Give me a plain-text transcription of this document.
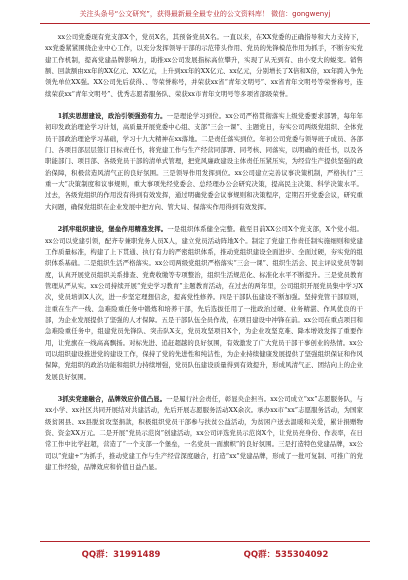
关注头条号“公文研究”，获得最新最全最专业的公文资料库！ 微信：gongwenyj

xx公司党委现有党支部X个，党员X名，其预备党员X名。一直以来，在XX党委的正确指导和大力支持下，xx党委紧紧围绕企业中心工作，以充分发挥领导干部的示范带头作用、党员的先锋模范作用为抓手，不断夯实党建工作机制，提高党建品牌影响力，助推xx公司发展指标高位攀升，实现了从无到有、由小变大的蜕变。销售额、回款额由xx年的XX亿元、XX亿元，上升到xx年的XX亿元、xx亿元，分别增长了X倍和X倍，xx年跨入争先领先单位XX强。XX公司先后获得、、等荣誉称号，并荣获xx省“青年文明号”、xx省青年文明号等荣誉称号，连续荣获xx“青年文明号”、优秀志愿者服务队、荣获xx市青年文明号等多项省部级荣誉。

1抓实思想建设，政治引领强劲有力。一是理论学习到位。xx公司严格贯彻落实上级党委要求部署，每年年初印发政治理论学习计划，高质量开展党委中心组、支部“三会一课”、主题党日，夯实公司两级党组织、全体党员干部政治理论学习基础，学习十九大精神在xx落地。二是责任落实到位。年初公司党委与领导班子成员、各部门、各项目部层层签订目标责任书，将党建工作与生产经营同部署、同考核、同落实，以明确的责任书，以及各职能部门、项目部、各级党员干部的清单式管理，把党风廉政建设主体责任压紧压实，为经营生产提供坚强的政治保障，积极营造风清气正的良好氛围。三是领导作用发挥到位。xx公司建立完善议事决策机制，严格执行“三重一大”决策制度和议事规则，重大事项先经党委会、总经理办公会研究决策，提高民主决策、科学决策水平。过去，各级党组织的作用没有得到有效发挥，通过明确党委会议事规则和决策程序，定期召开党委会议，研究重大问题，确保党组织在企业发展中把方向、管大局、保落实作用得到有效发挥。

2抓牢组织建设，堡垒作用精准发挥。一是组织体系健全完整。截至目前XX公司X个党支部，X个党小组。xx公司以党建引领，配齐专兼职党务人员X人，建立党员活动阵地X个。制定了党建工作责任制实施细则和党建工作质量标准，构建了上下贯通、执行有力的严密组织体系，推动党组织建设全面进步、全面过硬，夯实党的组织体系基础。二是组织生活严格落实。xx公司两级党组织严格落实“三会一课”、组织生活会、民主评议党员等制度，认真开展党员组织关系排查、党费收缴等专项整治，组织生活规范化、标准化水平不断提升。三是党员教育管理从严从实。xx公司持续开展“党史学习教育”主题教育活动，在过去的两年里，公司组织开展党员集中学习X次，党员培训X人次，进一步坚定理想信念，提高党性修养。四是干部队伍建设不断加强。坚持党管干部原则，注重在生产一线、急难险重任务中锻炼和培养干部，先后选拔任用了一批政治过硬、业务精湛、作风优良的干部，为企业发展提供了坚强的人才保障。五是干部队伍全员作战，在项目建设中冲锋在前。xx公司在重点项目和急难险重任务中，组建党员先锋队、突击队X支，党员攻坚项目X个，为企业攻坚克难、降本增效发挥了重要作用，让党旗在一线高高飘扬。对标先进、追赶超越的良好氛围，有效激发了广大党员干部干事创业的热情。xx公司以组织建设推进党的建设工作，保持了党的先进性和纯洁性，为企业持续健康发展提供了坚强组织保证和作风保障，党组织的政治功能和组织力持续增强，党员队伍建设质量得到有效提升，形成风清气正、团结向上的企业发展良好氛围。

3抓实党建融合，品牌效应价值凸显。一是履行社会责任，彰显央企担当。xx公司成立“xx”志愿服务队，与xx小学、xx社区共同开展结对共建活动，先后开展志愿服务活动XX余次。承办xx市“xx”志愿服务活动，为国家级贫困县、xx县脱贫攻坚捐款，积极组织党员干部参与扶贫公益活动，为贫困户送去温暖和关爱，累计捐赠物资、资金XX万元。二是开展“党员示范岗”创建活动，xx公司评选党员示范岗X个，让党员亮身份、作表率，在日常工作中比学赶超，营造了“一个支部一个堡垒，一名党员一面旗帜”的良好氛围。三是打造特色党建品牌，xx公司以“党建+”为抓手，推动党建工作与生产经营深度融合，打造“xx”党建品牌，形成了一批可复制、可推广的党建工作经验，品牌效应和价值日益凸显。

QQ群：31991489	QQ群：535304092
